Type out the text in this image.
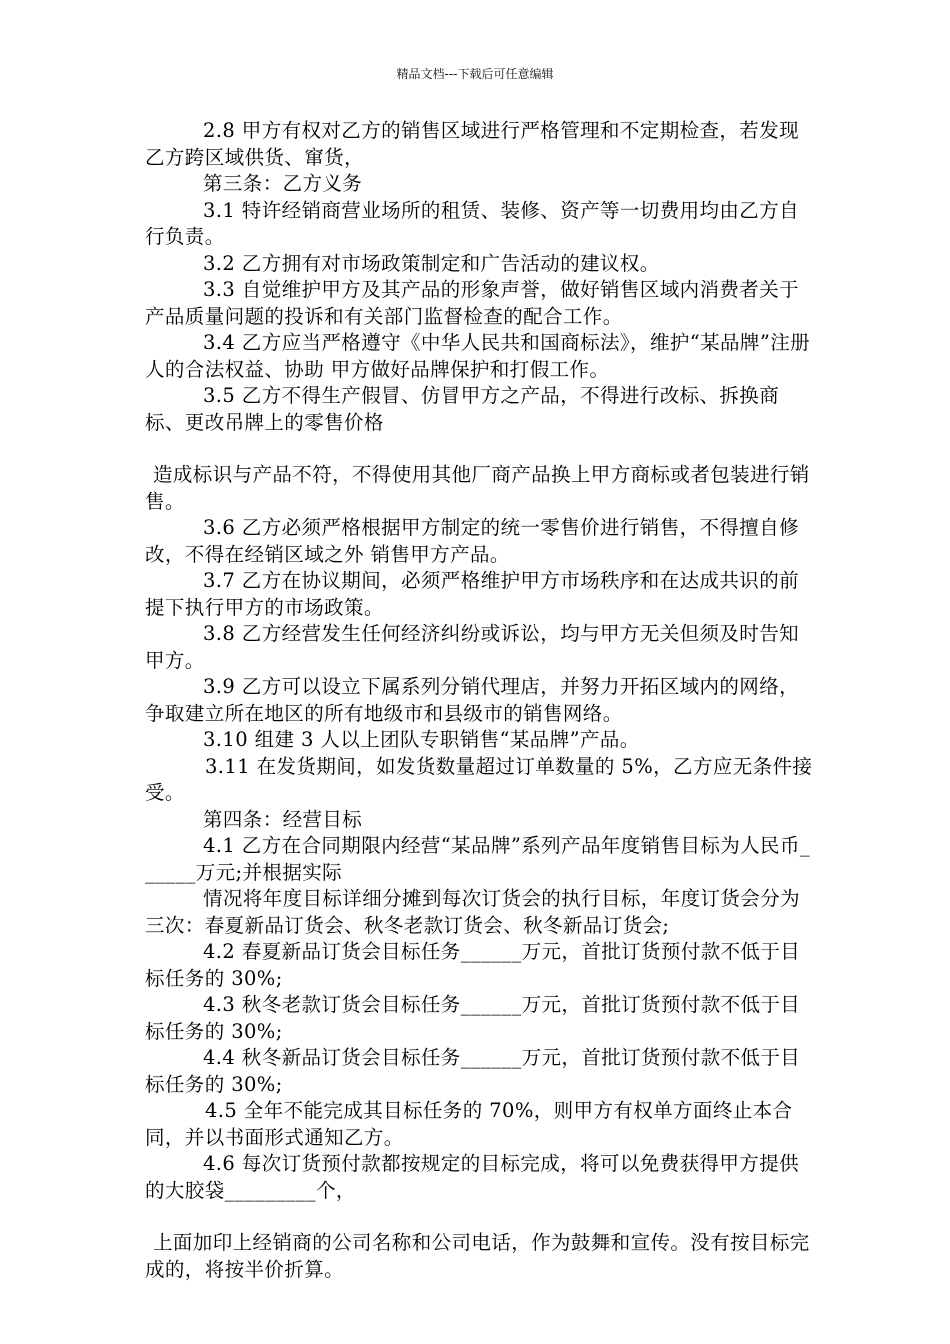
精品文档---下载后可任意编辑

2.8 甲方有权对乙方的销售区域进行严格管理和不定期检查，若发现乙方跨区域供货、窜货，

第三条：乙方义务

3.1 特许经销商营业场所的租赁、装修、资产等一切费用均由乙方自行负责。

3.2 乙方拥有对市场政策制定和广告活动的建议权。

3.3 自觉维护甲方及其产品的形象声誉，做好销售区域内消费者关于产品质量问题的投诉和有关部门监督检查的配合工作。

3.4 乙方应当严格遵守《中华人民共和国商标法》，维护“某品牌”注册人的合法权益、协助 甲方做好品牌保护和打假工作。

3.5 乙方不得生产假冒、仿冒甲方之产品，不得进行改标、拆换商标、更改吊牌上的零售价格

造成标识与产品不符，不得使用其他厂商产品换上甲方商标或者包装进行销售。

3.6 乙方必须严格根据甲方制定的统一零售价进行销售，不得擅自修改，不得在经销区域之外 销售甲方产品。

3.7 乙方在协议期间，必须严格维护甲方市场秩序和在达成共识的前提下执行甲方的市场政策。

3.8 乙方经营发生任何经济纠纷或诉讼，均与甲方无关但须及时告知甲方。

3.9 乙方可以设立下属系列分销代理店，并努力开拓区域内的网络，争取建立所在地区的所有地级市和县级市的销售网络。

3.10 组建 3 人以上团队专职销售“某品牌”产品。

3.11 在发货期间，如发货数量超过订单数量的 5%，乙方应无条件接受。

第四条：经营目标

4.1 乙方在合同期限内经营“某品牌”系列产品年度销售目标为人民币______万元;并根据实际

情况将年度目标详细分摊到每次订货会的执行目标，年度订货会分为三次：春夏新品订货会、秋冬老款订货会、秋冬新品订货会;

4.2 春夏新品订货会目标任务______万元，首批订货预付款不低于目标任务的 30%;

4.3 秋冬老款订货会目标任务______万元，首批订货预付款不低于目标任务的 30%;

4.4 秋冬新品订货会目标任务______万元，首批订货预付款不低于目标任务的 30%;

4.5 全年不能完成其目标任务的 70%，则甲方有权单方面终止本合同，并以书面形式通知乙方。

4.6 每次订货预付款都按规定的目标完成，将可以免费获得甲方提供的大胶袋_________个，

上面加印上经销商的公司名称和公司电话，作为鼓舞和宣传。没有按目标完成的，将按半价折算。
